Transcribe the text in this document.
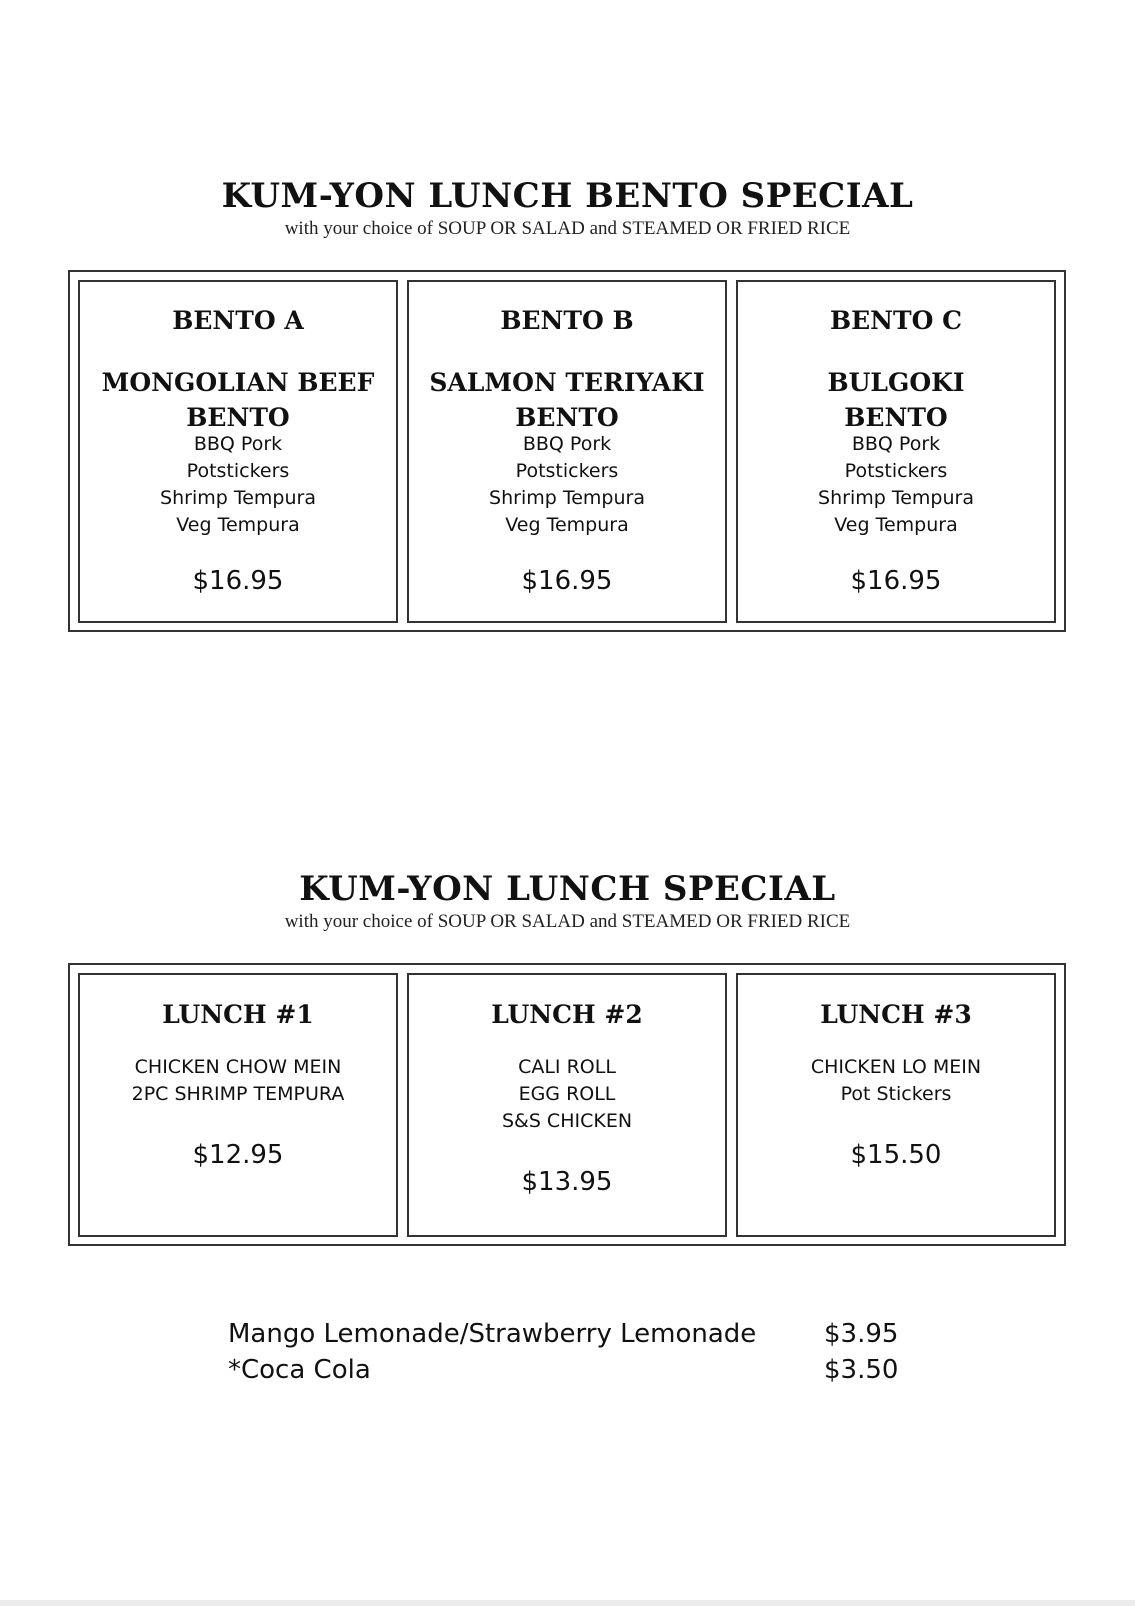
KUM-YON LUNCH BENTO SPECIAL
with your choice of SOUP OR SALAD and STEAMED OR FRIED RICE
BENTO A
MONGOLIAN BEEF
BENTO
BBQ Pork
Potstickers
Shrimp Tempura
Veg Tempura
$16.95
BENTO B
SALMON TERIYAKI
BENTO
BBQ Pork
Potstickers
Shrimp Tempura
Veg Tempura
$16.95
BENTO C
BULGOKI
BENTO
BBQ Pork
Potstickers
Shrimp Tempura
Veg Tempura
$16.95
KUM-YON LUNCH SPECIAL
with your choice of SOUP OR SALAD and STEAMED OR FRIED RICE
LUNCH #1
CHICKEN CHOW MEIN
2PC SHRIMP TEMPURA
$12.95
LUNCH #2
CALI ROLL
EGG ROLL
S&S CHICKEN
$13.95
LUNCH #3
CHICKEN LO MEIN
Pot Stickers
$15.50
Mango Lemonade/Strawberry Lemonade	$3.95
*Coca Cola	$3.50
